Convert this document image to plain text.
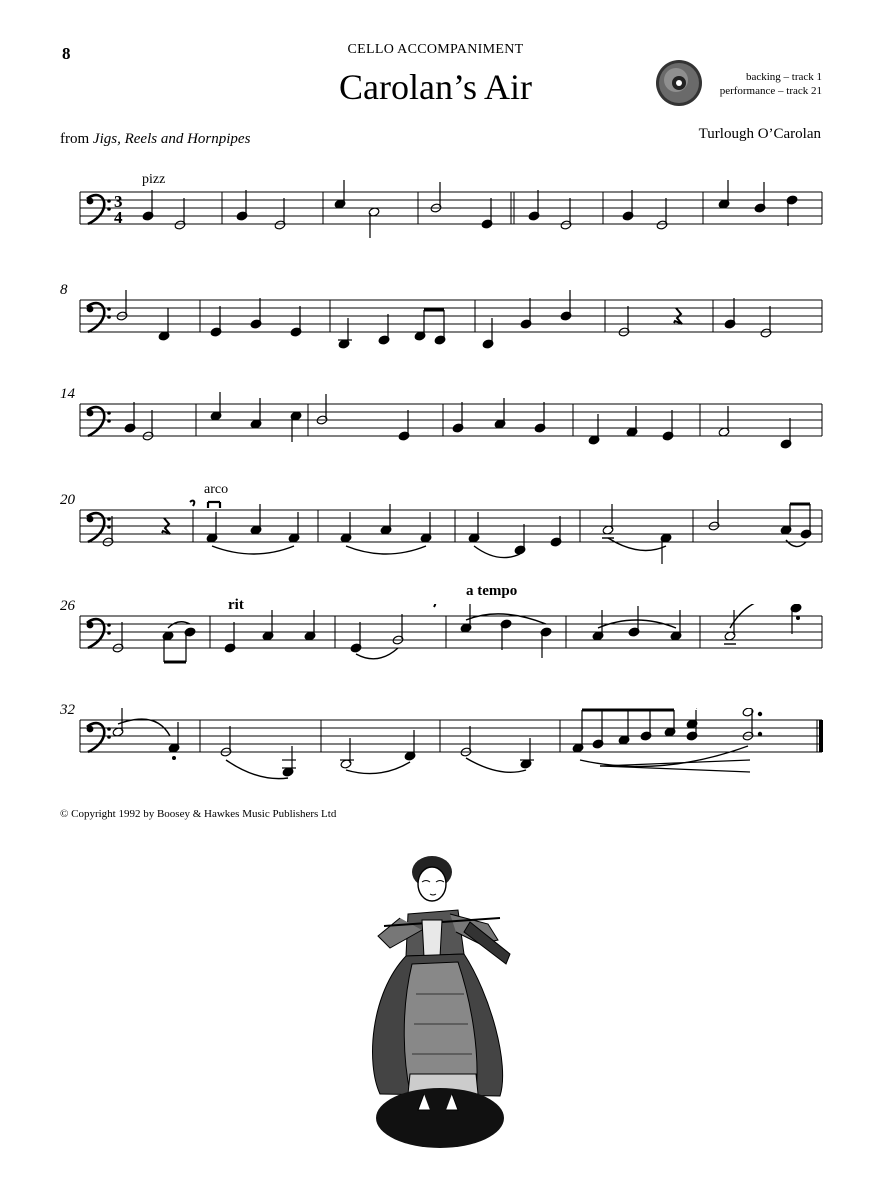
8	CELLO ACCOMPANIMENT
Carolan’s Air	backing – track 1
performance – track 21
from Jigs, Reels and Hornpipes	Turlough O’Carolan
pizz
8
14
20
arco
26	rit
a tempo
32
3
4
© Copyright 1992 by Boosey & Hawkes Music Publishers Ltd
